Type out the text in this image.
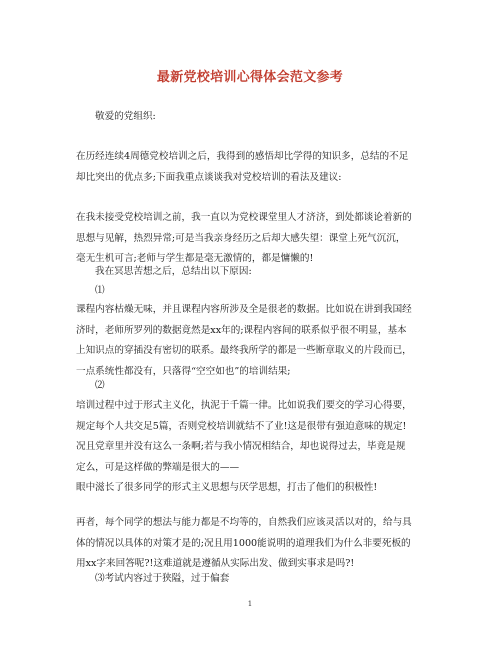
最新党校培训心得体会范文参考

敬爱的党组织:

在历经连续4周德党校培训之后，我得到的感悟却比学得的知识多，总结的不足
却比突出的优点多;下面我重点谈谈我对党校培训的看法及建议:
在我未接受党校培训之前，我一直以为党校课堂里人才济济，到处都谈论着新的
思想与见解，热烈异常;可是当我亲身经历之后却大感失望：课堂上死气沉沉，
毫无生机可言;老师与学生都是毫无激情的，都是慵懒的!

我在冥思苦想之后，总结出以下原因:

⑴

课程内容枯燥无味，并且课程内容所涉及全是很老的数据。比如说在讲到我国经
济时，老师所罗列的数据竟然是xx年的;课程内容间的联系似乎很不明显，基本
上知识点的穿插没有密切的联系。最终我所学的都是一些断章取义的片段而已，
一点系统性都没有，只落得“空空如也”的培训结果;

⑵

培训过程中过于形式主义化，执泥于千篇一律。比如说我们要交的学习心得要，
规定每个人共交足5篇，否则党校培训就结不了业!这是很带有强迫意味的规定!
况且党章里并没有这么一条啊;若与我小情况相结合，却也说得过去，毕竟是规
定么，可是这样做的弊端是很大的——
眼中滋长了很多同学的形式主义思想与厌学思想，打击了他们的积极性!
再者，每个同学的想法与能力都是不均等的，自然我们应该灵活以对的，给与具
体的情况以具体的对策才是的;况且用1000能说明的道理我们为什么非要死板的
用xx字来回答呢?!这难道就是遵循从实际出发、做到实事求是吗?!

⑶考试内容过于狭隘，过于偏套

1
